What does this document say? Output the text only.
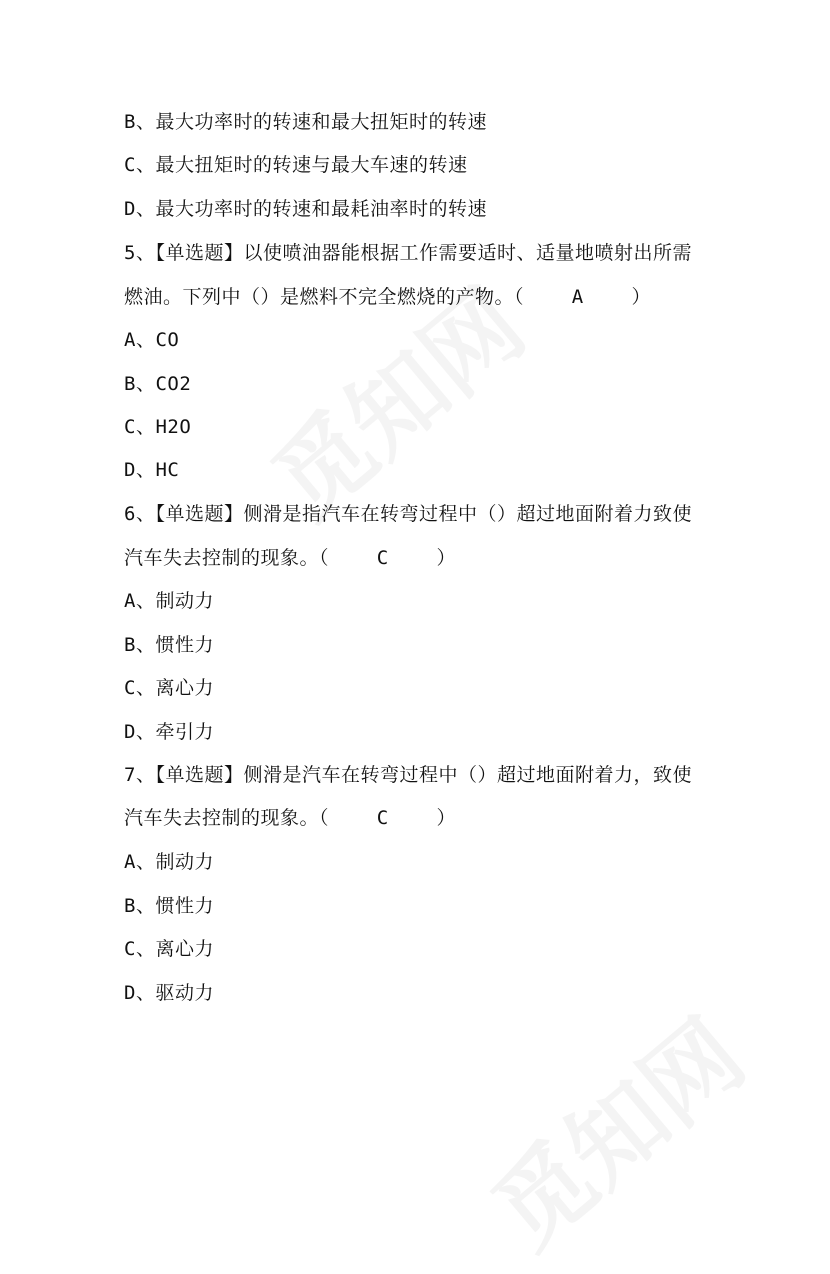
B、最大功率时的转速和最大扭矩时的转速
C、最大扭矩时的转速与最大车速的转速
D、最大功率时的转速和最耗油率时的转速
5、【单选题】以使喷油器能根据工作需要适时、适量地喷射出所需
燃油。下列中（）是燃料不完全燃烧的产物。（    A    ）
A、CO
B、CO2
C、H2O
D、HC
6、【单选题】侧滑是指汽车在转弯过程中（）超过地面附着力致使
汽车失去控制的现象。（    C    ）
A、制动力
B、惯性力
C、离心力
D、牵引力
7、【单选题】侧滑是汽车在转弯过程中（）超过地面附着力，致使
汽车失去控制的现象。（    C    ）
A、制动力
B、惯性力
C、离心力
D、驱动力
